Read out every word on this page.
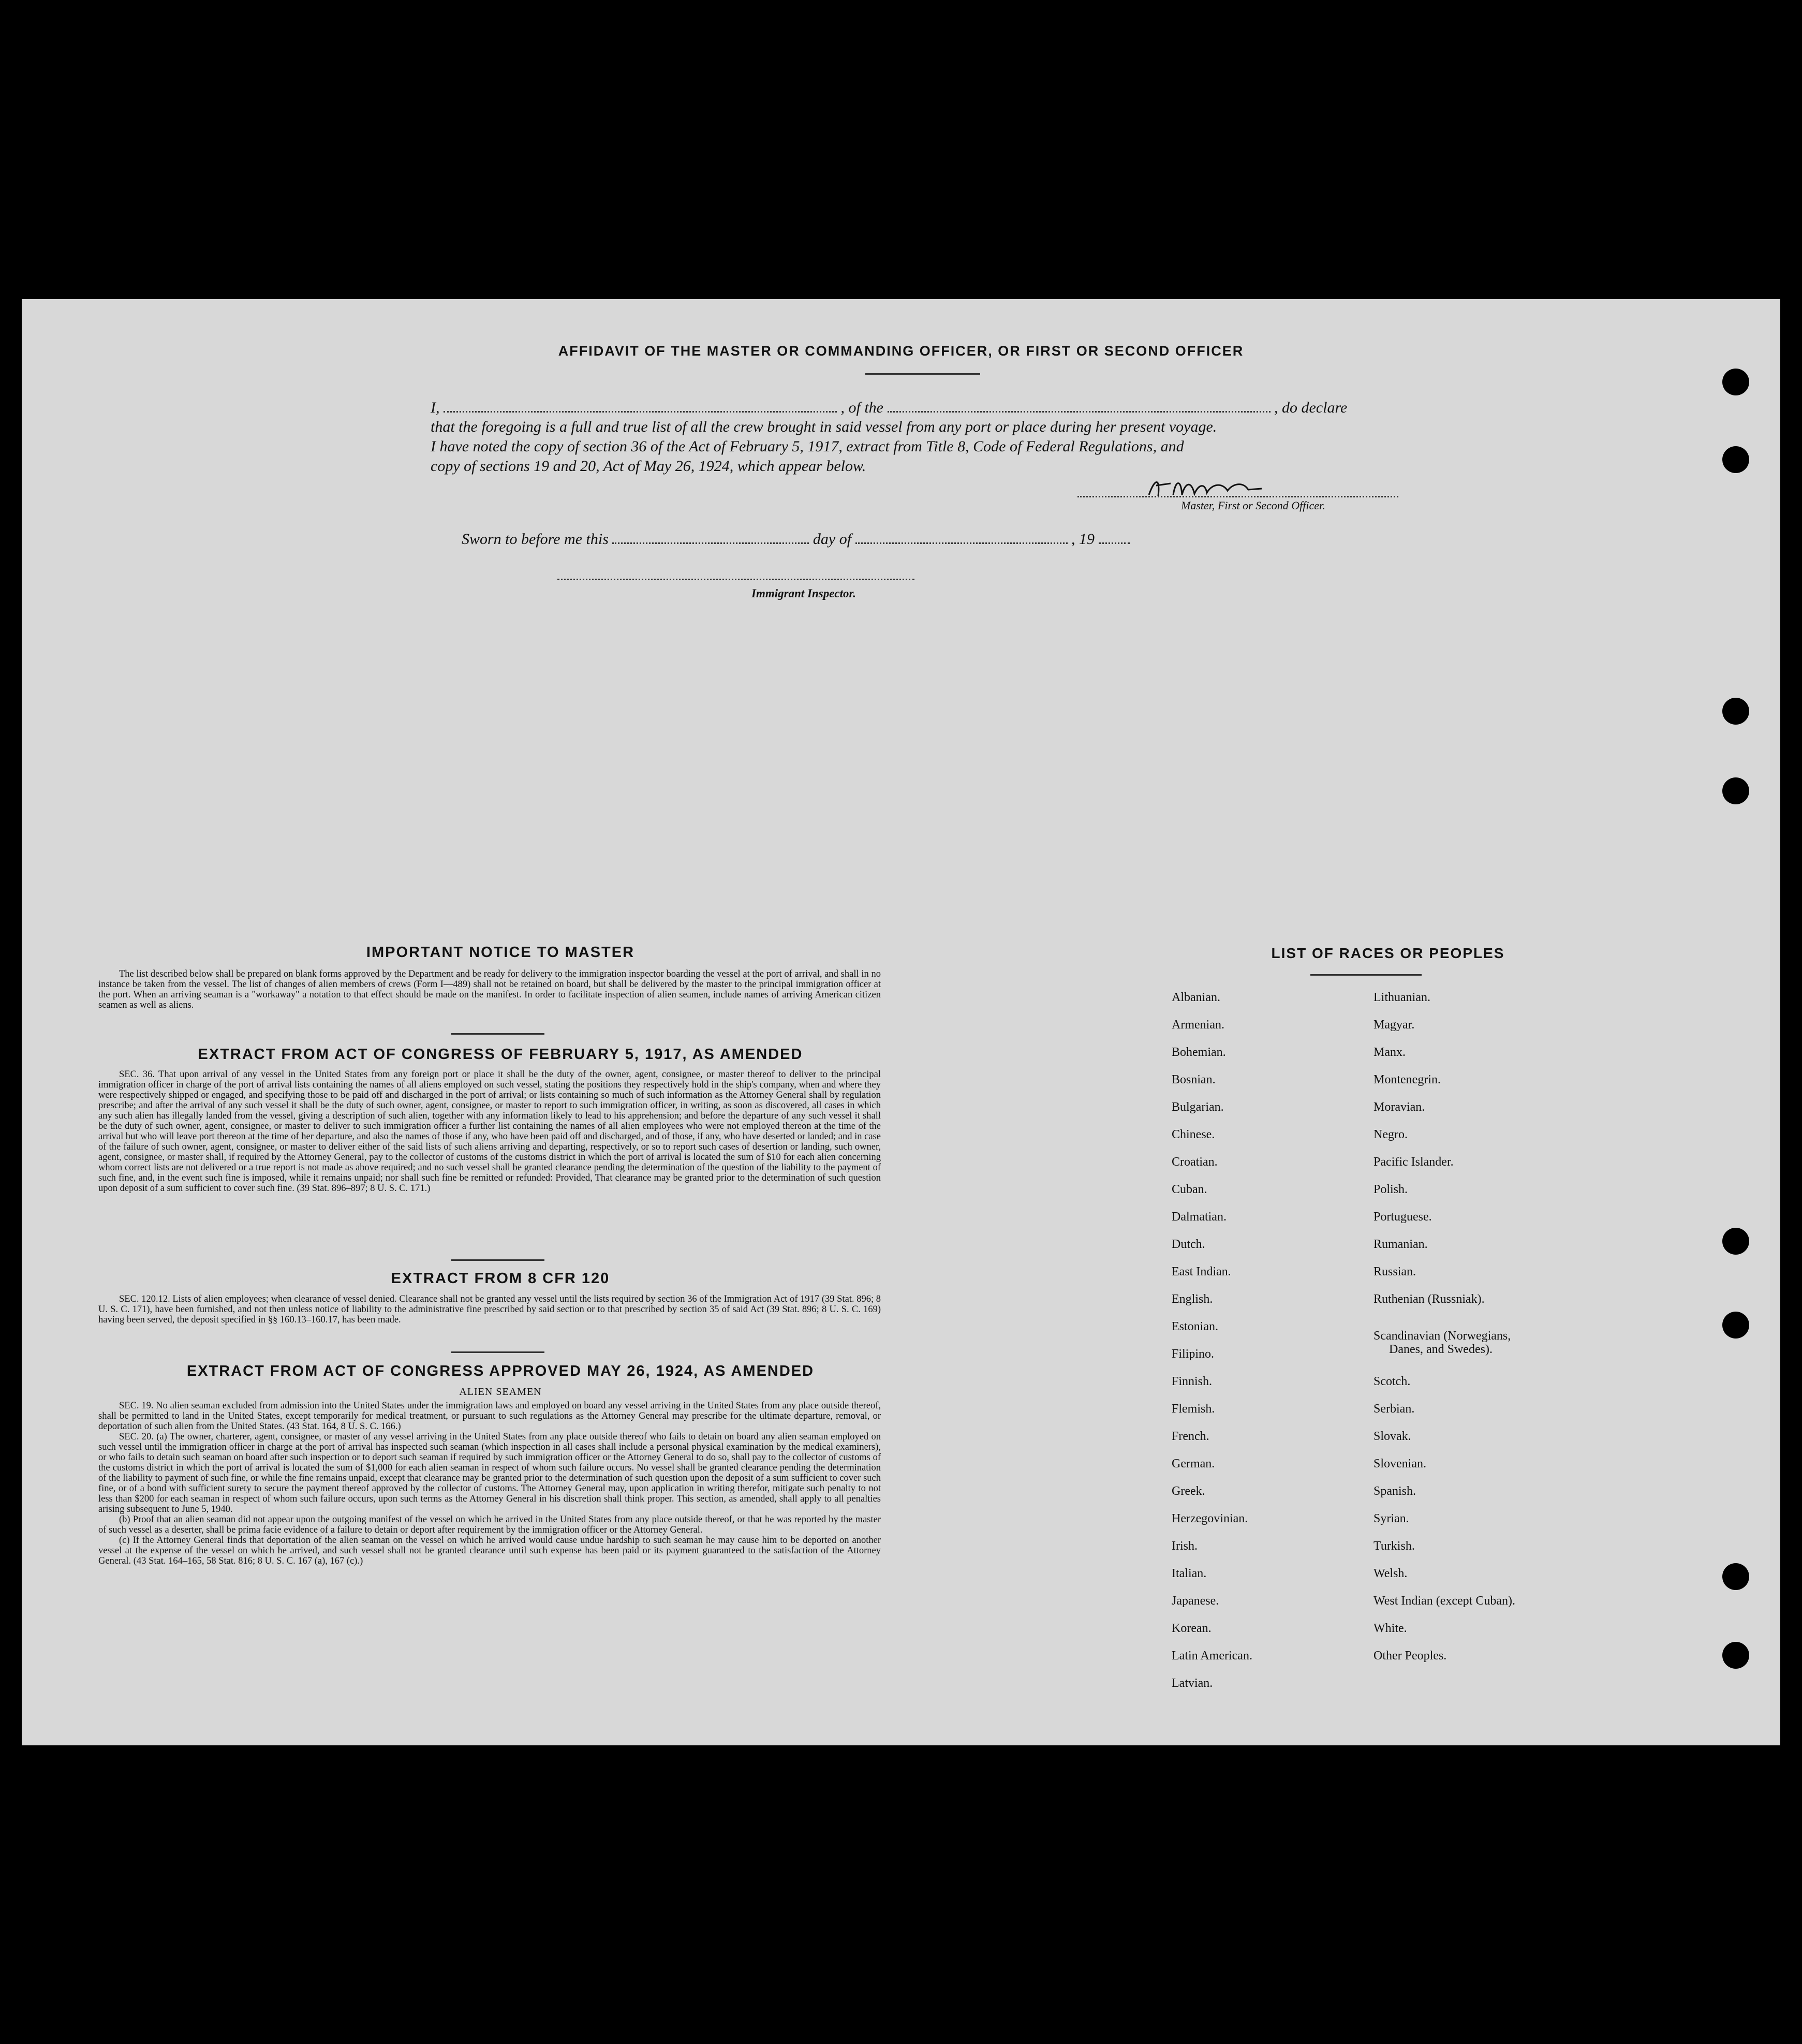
AFFIDAVIT OF THE MASTER OR COMMANDING OFFICER, OR FIRST OR SECOND OFFICER
I,	, of the	, do declare
that the foregoing is a full and true list of all the crew brought in said vessel from any port or place during her present voyage.
I have noted the copy of section 36 of the Act of February 5, 1917, extract from Title 8, Code of Federal Regulations, and
copy of sections 19 and 20, Act of May 26, 1924, which appear below.
Master, First or Second Officer.
Sworn to before me this	day of	, 19
Immigrant Inspector.
IMPORTANT NOTICE TO MASTER

The list described below shall be prepared on blank forms approved by the Department and be ready for delivery to the immigration inspector boarding the vessel at the port of arrival, and shall in no instance be taken from the vessel. The list of changes of alien members of crews (Form I—489) shall not be retained on board, but shall be delivered by the master to the principal immigration officer at the port. When an arriving seaman is a "workaway" a notation to that effect should be made on the manifest. In order to facilitate inspection of alien seamen, include names of arriving American citizen seamen as well as aliens.

EXTRACT FROM ACT OF CONGRESS OF FEBRUARY 5, 1917, AS AMENDED

SEC. 36. That upon arrival of any vessel in the United States from any foreign port or place it shall be the duty of the owner, agent, consignee, or master thereof to deliver to the principal immigration officer in charge of the port of arrival lists containing the names of all aliens employed on such vessel, stating the positions they respectively hold in the ship's company, when and where they were respectively shipped or engaged, and specifying those to be paid off and discharged in the port of arrival; or lists containing so much of such information as the Attorney General shall by regulation prescribe; and after the arrival of any such vessel it shall be the duty of such owner, agent, consignee, or master to report to such immigration officer, in writing, as soon as discovered, all cases in which any such alien has illegally landed from the vessel, giving a description of such alien, together with any information likely to lead to his apprehension; and before the departure of any such vessel it shall be the duty of such owner, agent, consignee, or master to deliver to such immigration officer a further list containing the names of all alien employees who were not employed thereon at the time of the arrival but who will leave port thereon at the time of her departure, and also the names of those if any, who have been paid off and discharged, and of those, if any, who have deserted or landed; and in case of the failure of such owner, agent, consignee, or master to deliver either of the said lists of such aliens arriving and departing, respectively, or so to report such cases of desertion or landing, such owner, agent, consignee, or master shall, if required by the Attorney General, pay to the collector of customs of the customs district in which the port of arrival is located the sum of $10 for each alien concerning whom correct lists are not delivered or a true report is not made as above required; and no such vessel shall be granted clearance pending the determination of the question of the liability to the payment of such fine, and, in the event such fine is imposed, while it remains unpaid; nor shall such fine be remitted or refunded: Provided, That clearance may be granted prior to the determination of such question upon deposit of a sum sufficient to cover such fine. (39 Stat. 896–897; 8 U. S. C. 171.)

EXTRACT FROM 8 CFR 120

SEC. 120.12. Lists of alien employees; when clearance of vessel denied. Clearance shall not be granted any vessel until the lists required by section 36 of the Immigration Act of 1917 (39 Stat. 896; 8 U. S. C. 171), have been furnished, and not then unless notice of liability to the administrative fine prescribed by said section or to that prescribed by section 35 of said Act (39 Stat. 896; 8 U. S. C. 169) having been served, the deposit specified in §§ 160.13–160.17, has been made.

EXTRACT FROM ACT OF CONGRESS APPROVED MAY 26, 1924, AS AMENDED
ALIEN SEAMEN

SEC. 19. No alien seaman excluded from admission into the United States under the immigration laws and employed on board any vessel arriving in the United States from any place outside thereof, shall be permitted to land in the United States, except temporarily for medical treatment, or pursuant to such regulations as the Attorney General may prescribe for the ultimate departure, removal, or deportation of such alien from the United States. (43 Stat. 164, 8 U. S. C. 166.)

SEC. 20. (a) The owner, charterer, agent, consignee, or master of any vessel arriving in the United States from any place outside thereof who fails to detain on board any alien seaman employed on such vessel until the immigration officer in charge at the port of arrival has inspected such seaman (which inspection in all cases shall include a personal physical examination by the medical examiners), or who fails to detain such seaman on board after such inspection or to deport such seaman if required by such immigration officer or the Attorney General to do so, shall pay to the collector of customs of the customs district in which the port of arrival is located the sum of $1,000 for each alien seaman in respect of whom such failure occurs. No vessel shall be granted clearance pending the determination of the liability to payment of such fine, or while the fine remains unpaid, except that clearance may be granted prior to the determination of such question upon the deposit of a sum sufficient to cover such fine, or of a bond with sufficient surety to secure the payment thereof approved by the collector of customs. The Attorney General may, upon application in writing therefor, mitigate such penalty to not less than $200 for each seaman in respect of whom such failure occurs, upon such terms as the Attorney General in his discretion shall think proper. This section, as amended, shall apply to all penalties arising subsequent to June 5, 1940.

(b) Proof that an alien seaman did not appear upon the outgoing manifest of the vessel on which he arrived in the United States from any place outside thereof, or that he was reported by the master of such vessel as a deserter, shall be prima facie evidence of a failure to detain or deport after requirement by the immigration officer or the Attorney General.

(c) If the Attorney General finds that deportation of the alien seaman on the vessel on which he arrived would cause undue hardship to such seaman he may cause him to be deported on another vessel at the expense of the vessel on which he arrived, and such vessel shall not be granted clearance until such expense has been paid or its payment guaranteed to the satisfaction of the Attorney General. (43 Stat. 164–165, 58 Stat. 816; 8 U. S. C. 167 (a), 167 (c).)

LIST OF RACES OR PEOPLES
Albanian.
Armenian.
Bohemian.
Bosnian.
Bulgarian.
Chinese.
Croatian.
Cuban.
Dalmatian.
Dutch.
East Indian.
English.
Estonian.
Filipino.
Finnish.
Flemish.
French.
German.
Greek.
Herzegovinian.
Irish.
Italian.
Japanese.
Korean.
Latin American.
Latvian.
Lithuanian.
Magyar.
Manx.
Montenegrin.
Moravian.
Negro.
Pacific Islander.
Polish.
Portuguese.
Rumanian.
Russian.
Ruthenian (Russniak).
Scandinavian (Norwegians,
Danes, and Swedes).
Scotch.
Serbian.
Slovak.
Slovenian.
Spanish.
Syrian.
Turkish.
Welsh.
West Indian (except Cuban).
White.
Other Peoples.
